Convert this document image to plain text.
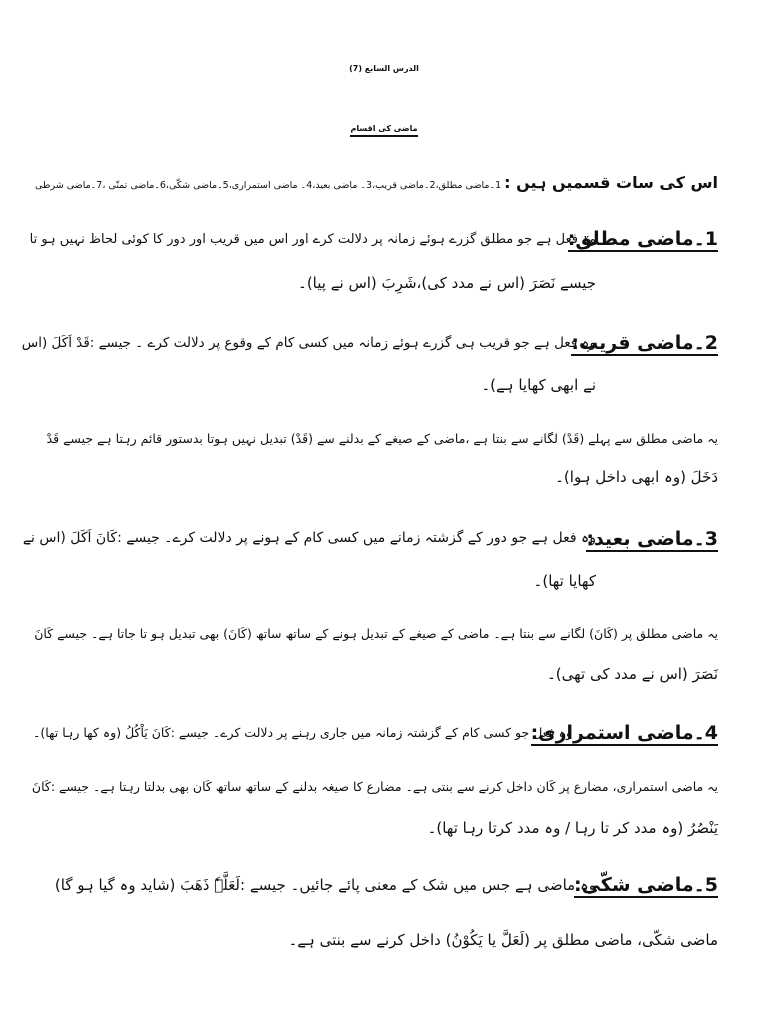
الدرس السابع (7)
ماضی کی اقسام
اس کی سات قسمیں ہیں : 1۔ماضی مطلق،2۔ماضی قریب،3۔ ماضی بعید،4۔ ماضی استمراری،5۔ماضی شکّی،6۔ماضی تمنّی ،7۔ماضی شرطی
1۔ماضی مطلق:
وہ فعل ہے جو مطلق گزرے ہوئے زمانہ پر دلالت کرے اور اس میں قریب اور دور کا کوئی لحاظ نہیں ہو تا
جیسے نَصَرَ (اس نے مدد کی)،شَرِبَ (اس نے پیا)۔
2۔ماضی قریب:
وہ فعل ہے جو قریب ہی گزرے ہوئے زمانہ میں کسی کام کے وقوع پر دلالت کرے ۔ جیسے :قَدْ اَکَلَ (اس
نے ابھی کھایا ہے)۔
یہ ماضی مطلق سے پہلے (قَدْ) لگانے سے بنتا ہے ،ماضی کے صیغے کے بدلنے سے (قَدْ) تبدیل نہیں ہوتا بدستور قائم رہتا ہے جیسے قَدْ
دَخَلَ (وہ ابھی داخل ہوا)۔
3۔ماضی بعید:
وہ فعل ہے جو دور کے گزشتہ زمانے میں کسی کام کے ہونے پر دلالت کرے۔ جیسے :کَانَ اَکَلَ (اس نے
کھایا تھا)۔
یہ ماضی مطلق پر (کَانَ) لگانے سے بنتا ہے۔ ماضی کے صیغے کے تبدیل ہونے کے ساتھ ساتھ (کَانَ) بھی تبدیل ہو تا جاتا ہے۔ جیسے کَانَ
نَصَرَ (اس نے مدد کی تھی)۔
4۔ماضی استمراری:
وہ فعل جو کسی کام کے گزشتہ زمانہ میں جاری رہنے پر دلالت کرے۔ جیسے :کَانَ یَاْکُلُ (وہ کھا رہا تھا)۔
یہ ماضی استمراری، مضارع پر کَان داخل کرنے سے بنتی ہے۔ مضارع کا صیغہ بدلنے کے ساتھ ساتھ کَان بھی بدلتا رہتا ہے۔ جیسے :کَانَ
یَنْصُرُ (وہ مدد کر تا رہا / وہ مدد کرتا رہا تھا)۔
5۔ماضی شکّی:
وہ ماضی ہے جس میں شک کے معنی پائے جائیں۔ جیسے :لَعَلَّہٗ ذَھَبَ (شاید وہ گیا ہو گا)
ماضی شکّی، ماضی مطلق پر (لَعَلَّ یا یَکُوْنُ) داخل کرنے سے بنتی ہے۔
